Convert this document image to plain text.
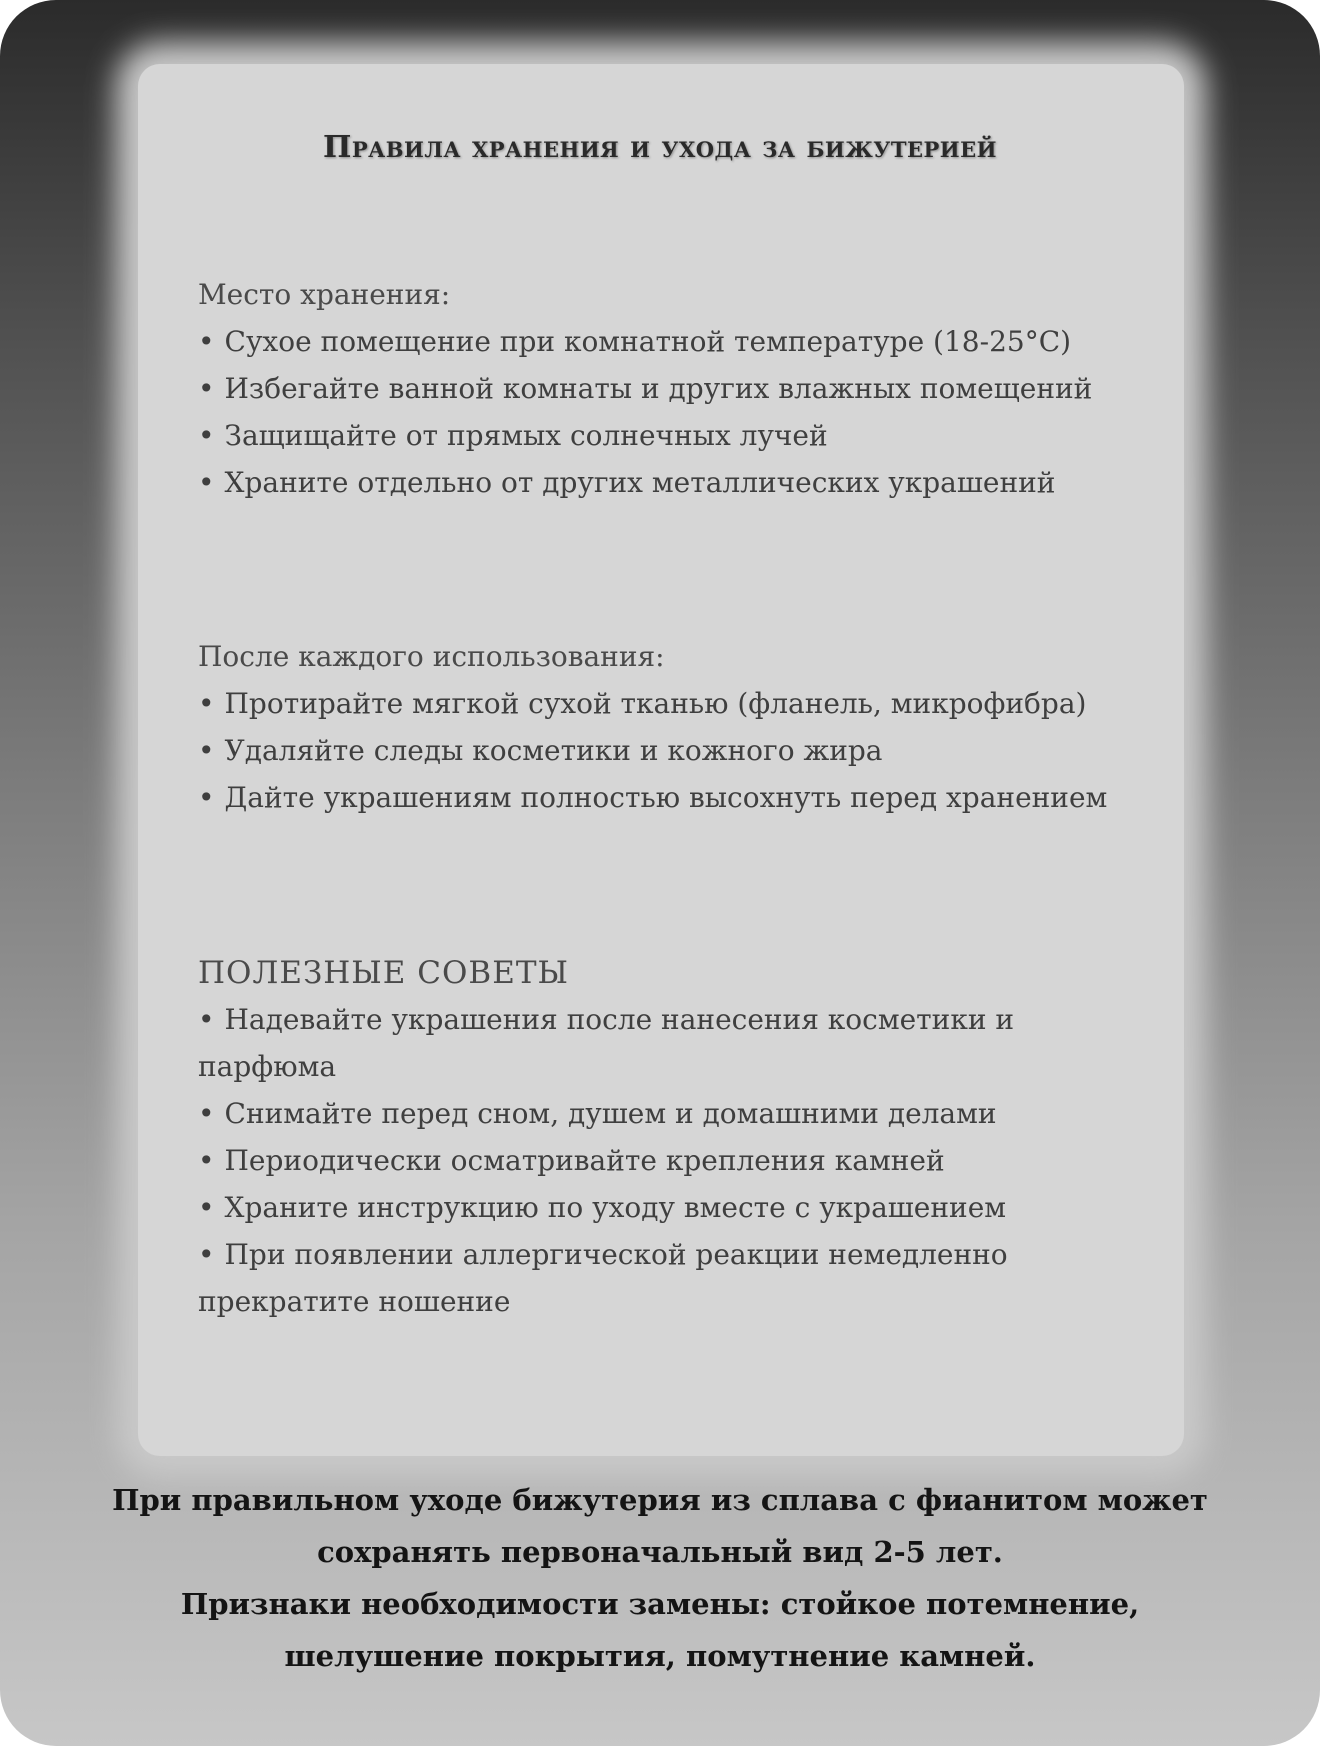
Правила хранения и ухода за бижутерией

Место хранения:

• Сухое помещение при комнатной температуре (18-25°C)

• Избегайте ванной комнаты и других влажных помещений

• Защищайте от прямых солнечных лучей

• Храните отдельно от других металлических украшений

После каждого использования:

• Протирайте мягкой сухой тканью (фланель, микрофибра)

• Удаляйте следы косметики и кожного жира

• Дайте украшениям полностью высохнуть перед хранением

ПОЛЕЗНЫЕ СОВЕТЫ

• Надевайте украшения после нанесения косметики и парфюма

• Снимайте перед сном, душем и домашними делами

• Периодически осматривайте крепления камней

• Храните инструкцию по уходу вместе с украшением

• При появлении аллергической реакции немедленно прекратите ношение

При правильном уходе бижутерия из сплава с фианитом может

сохранять первоначальный вид 2-5 лет.

Признаки необходимости замены: стойкое потемнение,

шелушение покрытия, помутнение камней.
